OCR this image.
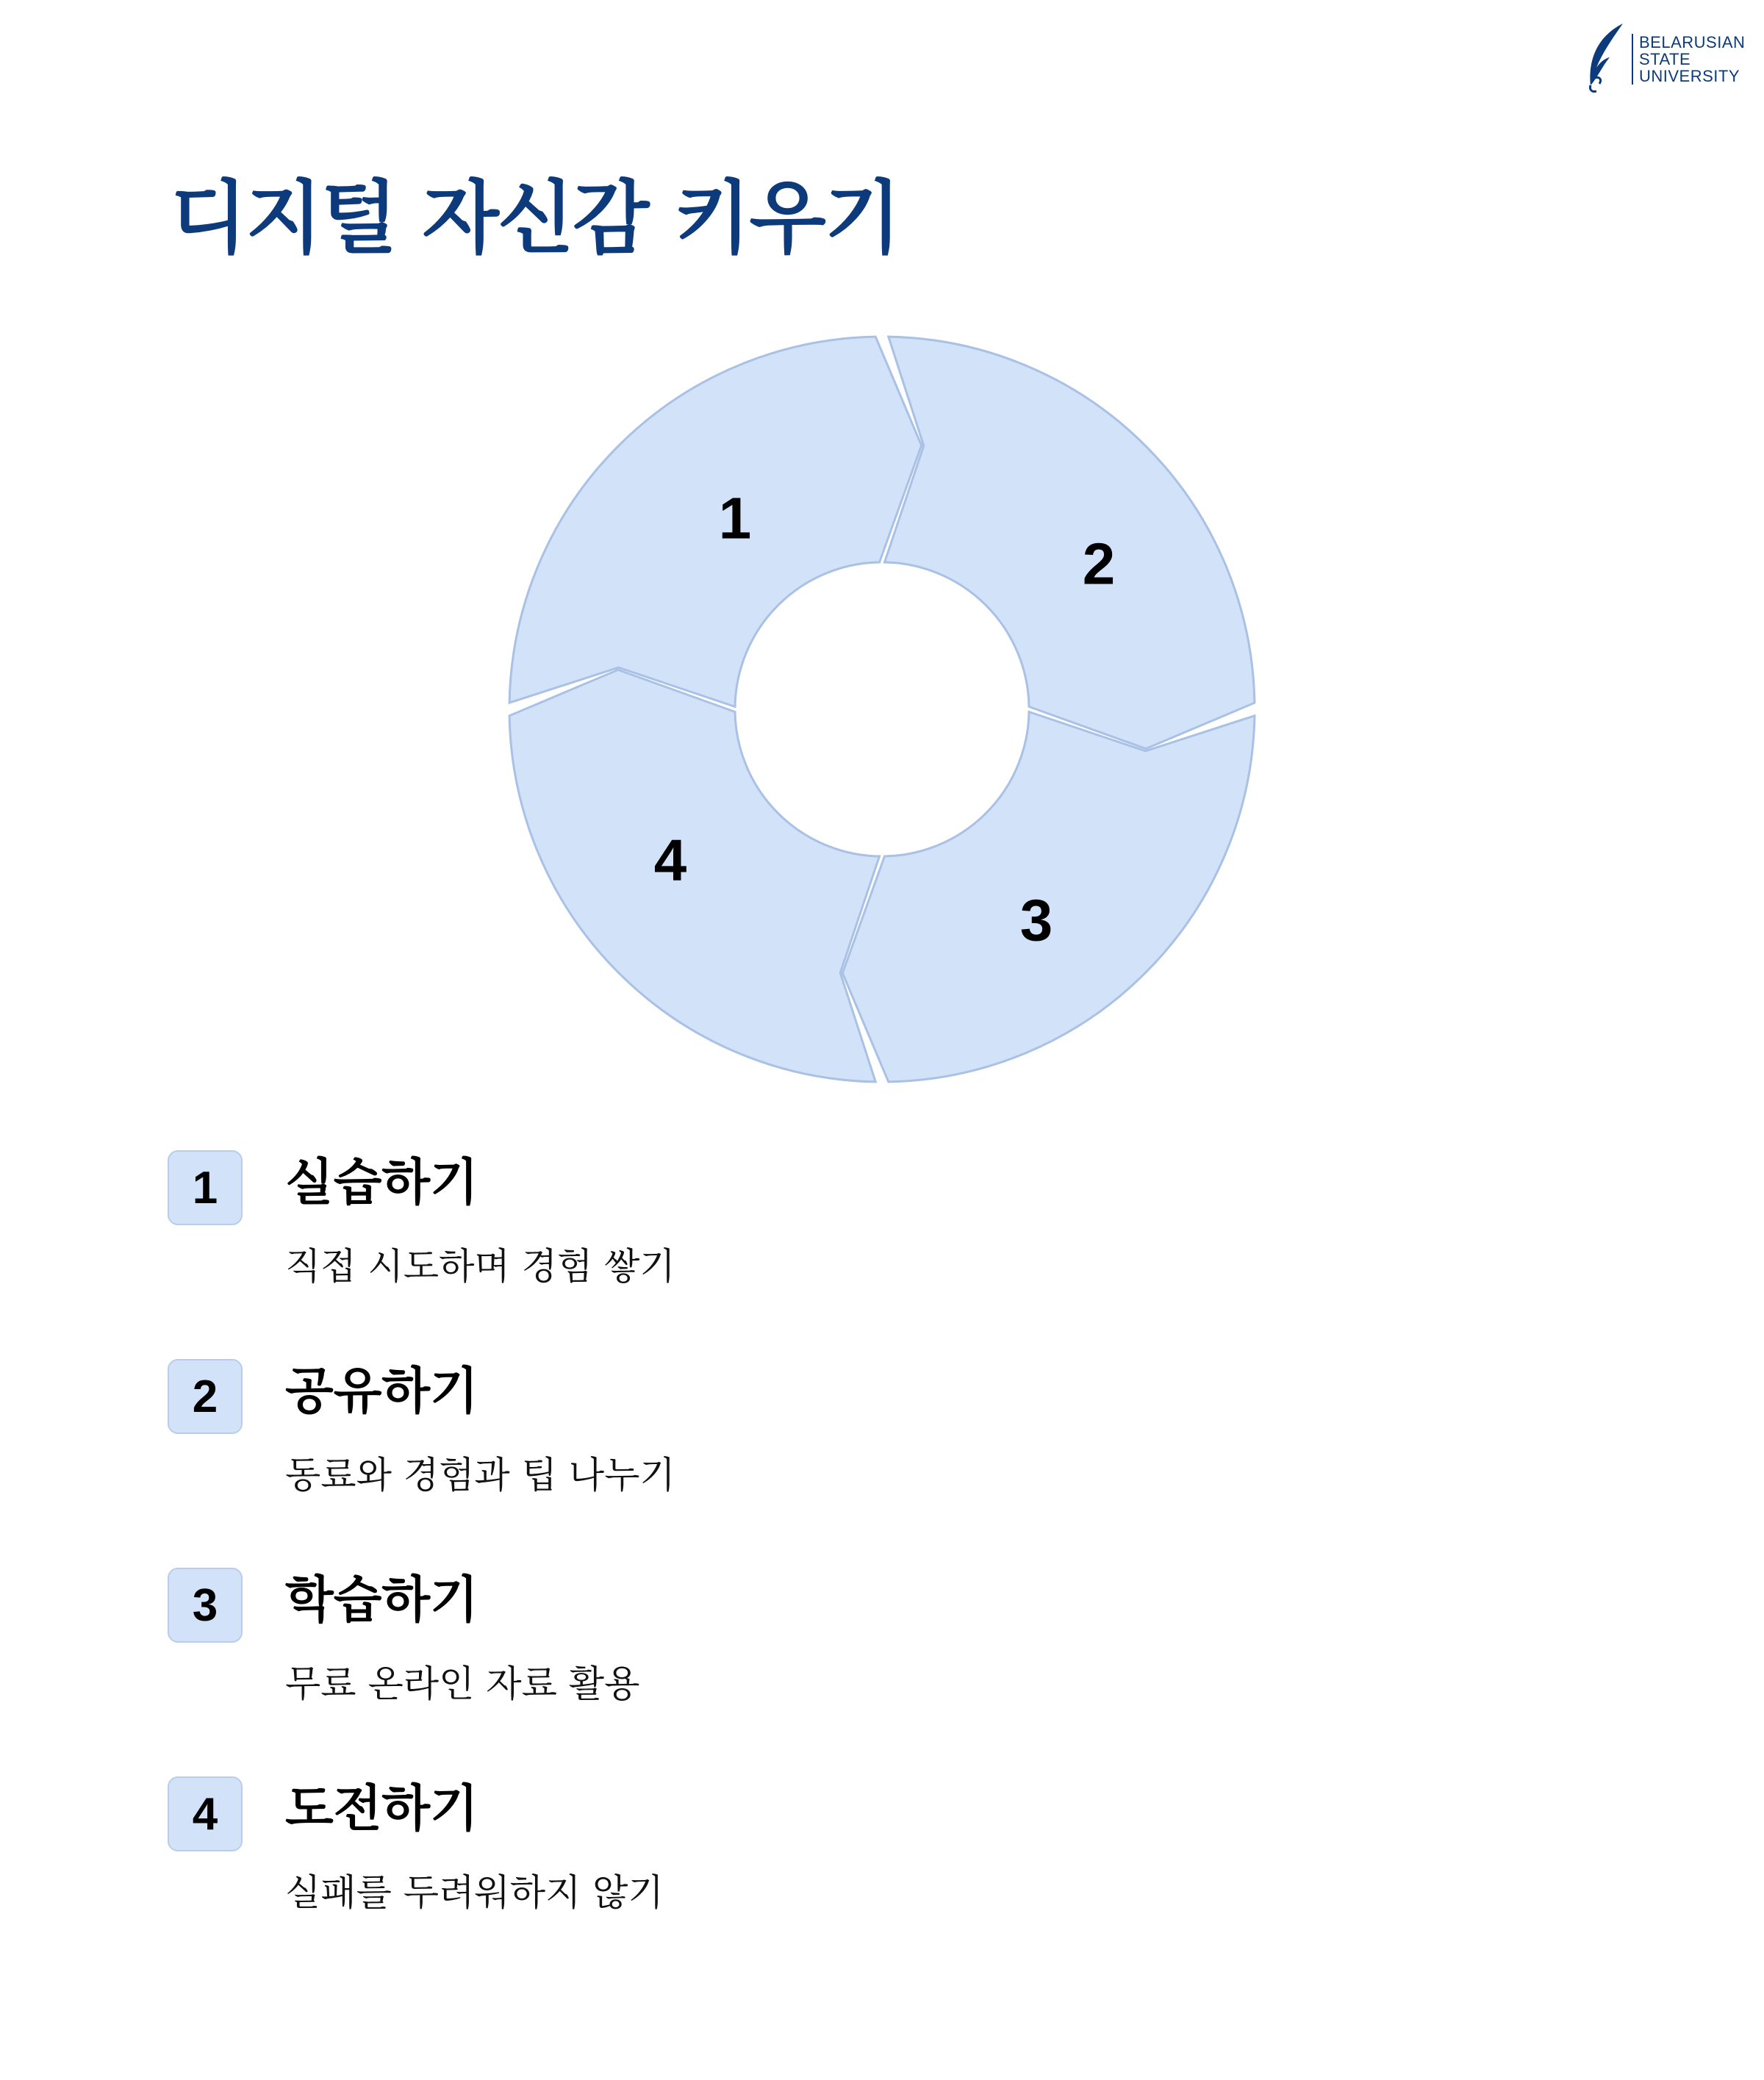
BELARUSIAN
STATE
UNIVERSITY
디지털 자신감 키우기
1
2
3
4
1	실습하기

직접 시도하며 경험 쌓기

2	공유하기

동료와 경험과 팁 나누기

3	학습하기

무료 온라인 자료 활용

4	도전하기

실패를 두려워하지 않기
